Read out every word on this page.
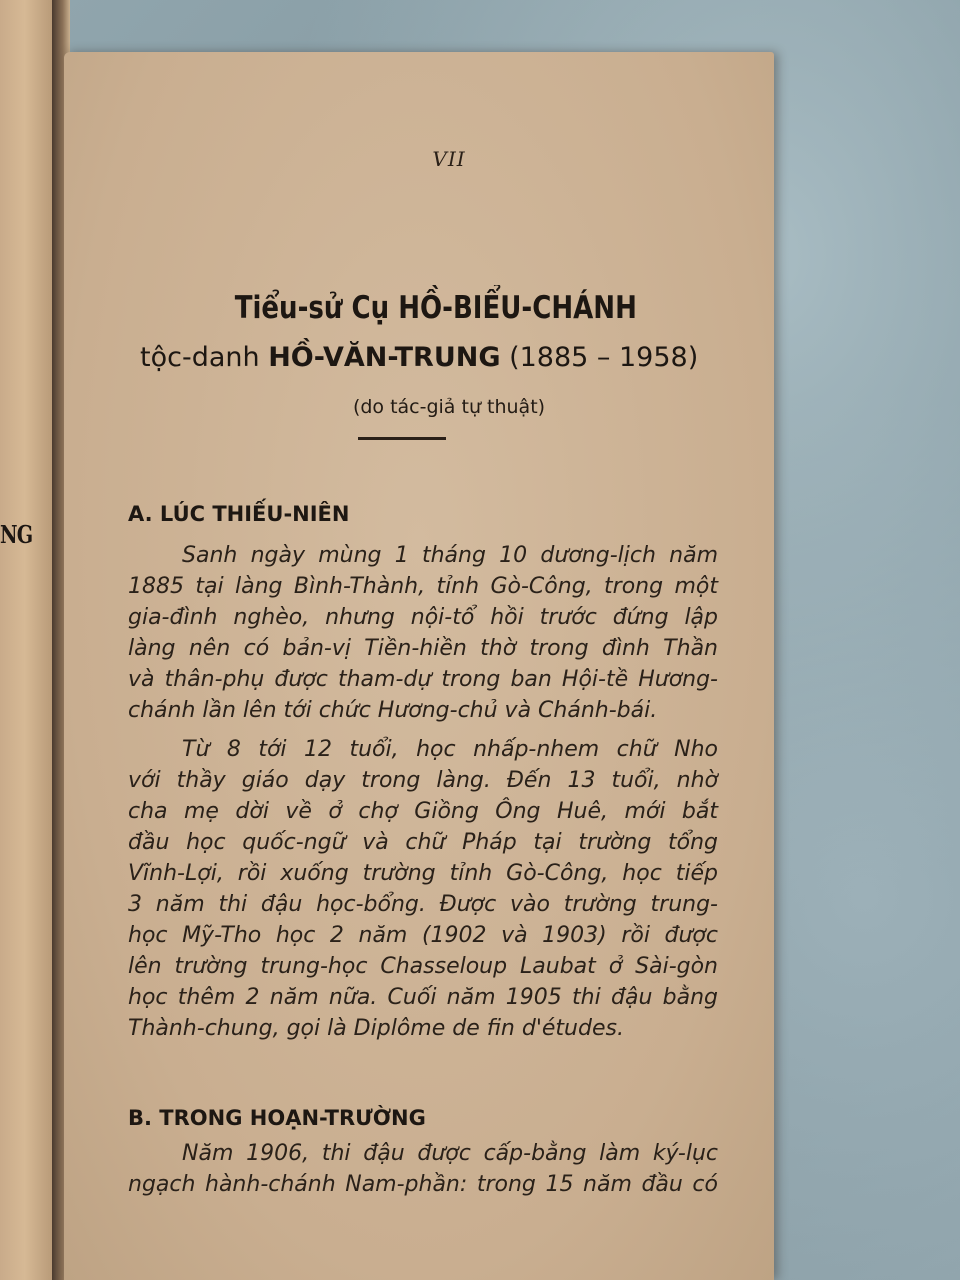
NG
VII
Tiểu-sử Cụ HỒ-BIỂU-CHÁNH
tộc-danh HỒ-VĂN-TRUNG (1885 – 1958)
(do tác-giả tự thuật)
A. LÚC THIẾU-NIÊN
Sanh ngày mùng 1 tháng 10 dương-lịch năm
1885 tại làng Bình-Thành, tỉnh Gò-Công, trong một
gia-đình nghèo, nhưng nội-tổ hồi trước đứng lập
làng nên có bản-vị Tiền-hiền thờ trong đình Thần
và thân-phụ được tham-dự trong ban Hội-tề Hương-
chánh lần lên tới chức Hương-chủ và Chánh-bái.
Từ 8 tới 12 tuổi, học nhấp-nhem chữ Nho
với thầy giáo dạy trong làng. Đến 13 tuổi, nhờ
cha mẹ dời về ở chợ Giồng Ông Huê, mới bắt
đầu học quốc-ngữ và chữ Pháp tại trường tổng
Vĩnh-Lợi, rồi xuống trường tỉnh Gò-Công, học tiếp
3 năm thi đậu học-bổng. Được vào trường trung-
học Mỹ-Tho học 2 năm (1902 và 1903) rồi được
lên trường trung-học Chasseloup Laubat ở Sài-gòn
học thêm 2 năm nữa. Cuối năm 1905 thi đậu bằng
Thành-chung, gọi là Diplôme de fin d'études.
B. TRONG HOẠN-TRƯỜNG
Năm 1906, thi đậu được cấp-bằng làm ký-lục
ngạch hành-chánh Nam-phần: trong 15 năm đầu có
